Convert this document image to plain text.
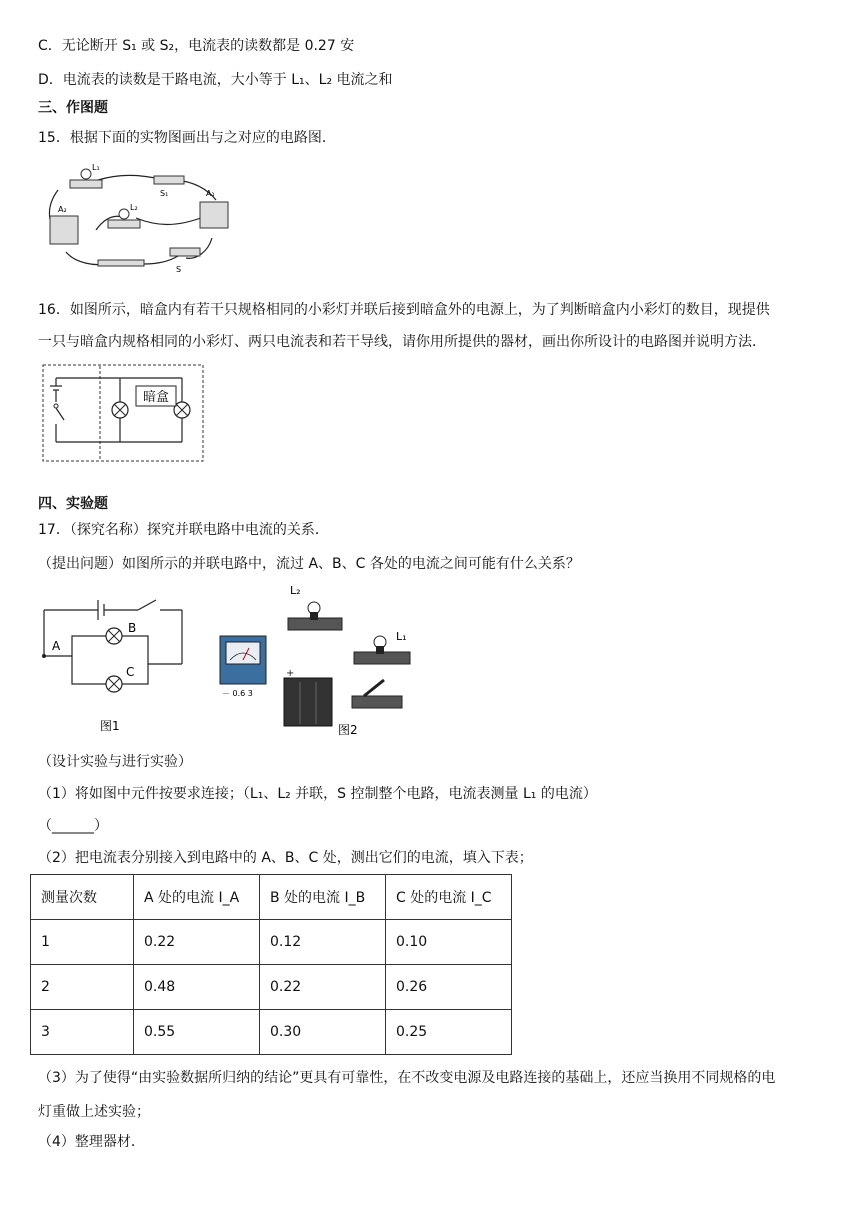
C．无论断开 S₁ 或 S₂，电流表的读数都是 0.27 安
D．电流表的读数是干路电流，大小等于 L₁、L₂ 电流之和
三、作图题
15．根据下面的实物图画出与之对应的电路图．
L₁
L₂
S₁	A₁
A₂
S
16．如图所示，暗盒内有若干只规格相同的小彩灯并联后接到暗盒外的电源上，为了判断暗盒内小彩灯的数目，现提供
一只与暗盒内规格相同的小彩灯、两只电流表和若干导线，请你用所提供的器材，画出你所设计的电路图并说明方法．
暗盒
四、实验题
17．（探究名称）探究并联电路中电流的关系．
（提出问题）如图所示的并联电路中，流过 A、B、C 各处的电流之间可能有什么关系？
A
B
C
图1
L₂
L₁
－ 0.6 3
+
图2
（设计实验与进行实验）
（1）将如图中元件按要求连接；（L₁、L₂ 并联，S 控制整个电路，电流表测量 L₁ 的电流）
（______）
（2）把电流表分别接入到电路中的 A、B、C 处，测出它们的电流，填入下表；
测量次数	A 处的电流 I_A	B 处的电流 I_B	C 处的电流 I_C
1	0.22	0.12	0.10
2	0.48	0.22	0.26
3	0.55	0.30	0.25
（3）为了使得“由实验数据所归纳的结论”更具有可靠性，在不改变电源及电路连接的基础上，还应当换用不同规格的电
灯重做上述实验；
（4）整理器材．
